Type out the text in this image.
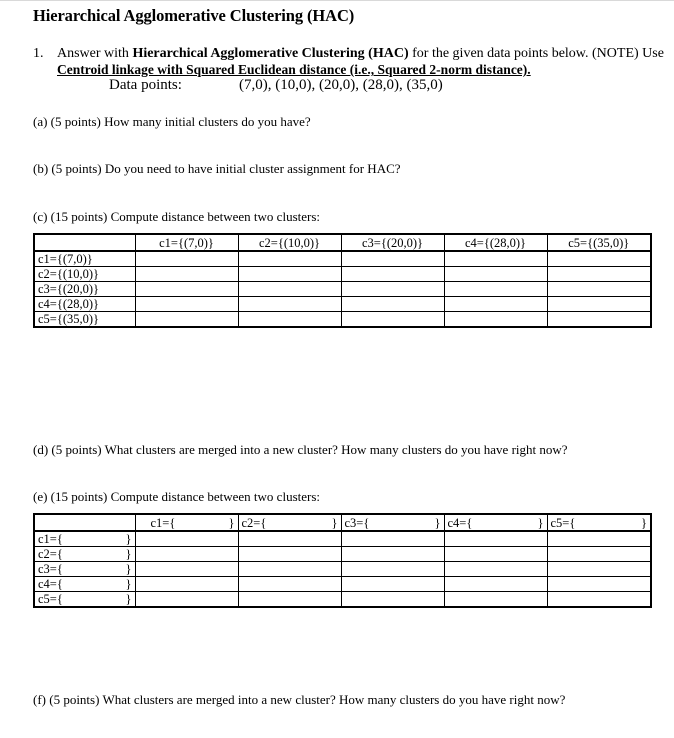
Hierarchical Agglomerative Clustering (HAC)
1. Answer with Hierarchical Agglomerative Clustering (HAC) for the given data points below. (NOTE) Use
Centroid linkage with Squared Euclidean distance (i.e., Squared 2-norm distance).
Data points:	(7,0), (10,0), (20,0), (28,0), (35,0)
(a) (5 points) How many initial clusters do you have?
(b) (5 points) Do you need to have initial cluster assignment for HAC?
(c) (15 points) Compute distance between two clusters:
	c1={(7,0)}	c2={(10,0)}	c3={(20,0)}	c4={(28,0)}	c5={(35,0)}
c1={(7,0)}					
c2={(10,0)}					
c3={(20,0)}					
c4={(28,0)}					
c5={(35,0)}					
(d) (5 points) What clusters are merged into a new cluster? How many clusters do you have right now?
(e) (15 points) Compute distance between two clusters:

	c1={ }	c2={ }	c3={ }	c4={ }	c5={ }

c1={ }					

c2={ }					

c3={ }					

c4={ }					

c5={ }					

(f) (5 points) What clusters are merged into a new cluster? How many clusters do you have right now?
